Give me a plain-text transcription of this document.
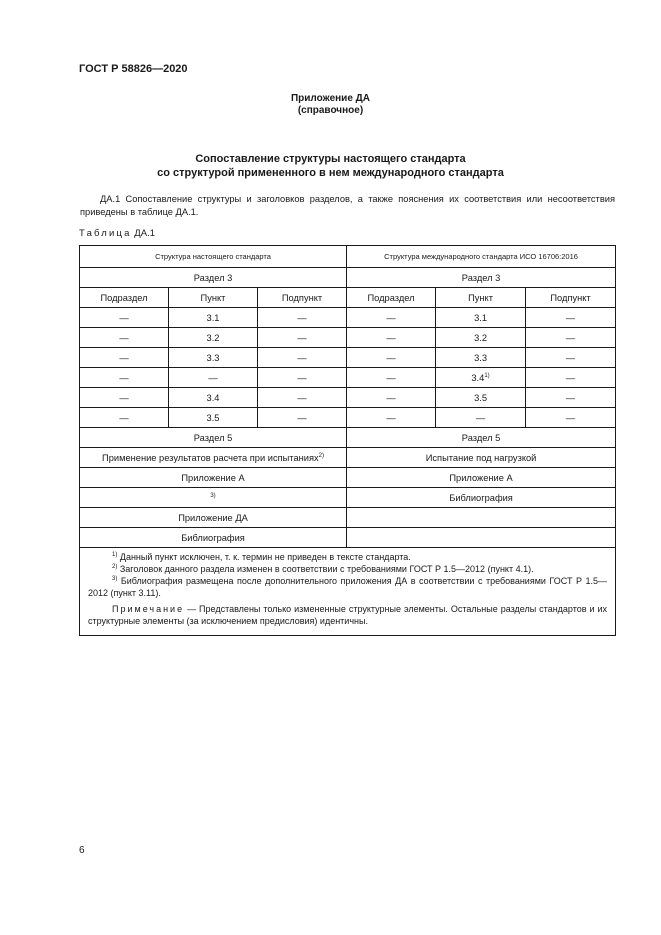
ГОСТ Р 58826—2020
Приложение ДА
(справочное)
Сопоставление структуры настоящего стандарта
со структурой примененного в нем международного стандарта
ДА.1 Сопоставление структуры и заголовков разделов, а также пояснения их соответствия или несоответствия приведены в таблице ДА.1.
Таблица ДА.1
Структура настоящего стандарта			Структура международного стандарта ИСО 16706:2016		
Раздел 3			Раздел 3		
Подраздел	Пункт	Подпункт	Подраздел	Пункт	Подпункт
—	3.1	—	—	3.1	—
—	3.2	—	—	3.2	—
—	3.3	—	—	3.3	—
—	—	—	—	3.4$^{1)}$	—
—	3.4	—	—	3.5	—
—	3.5	—	—	—	—
Раздел 5			Раздел 5		
Применение результатов расчета при испытаниях$^{2)}$			Испытание под нагрузкой		
Приложение А			Приложение А		
$^{3)}$			Библиография		
Приложение ДА					
Библиография					

$^{1)}$ Данный пункт исключен, т. к. термин не приведен в тексте стандарта.

$^{2)}$ Заголовок данного раздела изменен в соответствии с требованиями ГОСТ Р 1.5—2012 (пункт 4.1).

$^{3)}$ Библиография размещена после дополнительного приложения ДА в соответствии с требованиями ГОСТ Р 1.5—2012 (пункт 3.11).

Примечание — Представлены только измененные структурные элементы. Остальные разделы стандартов и их структурные элементы (за исключением предисловия) идентичны.					

6
